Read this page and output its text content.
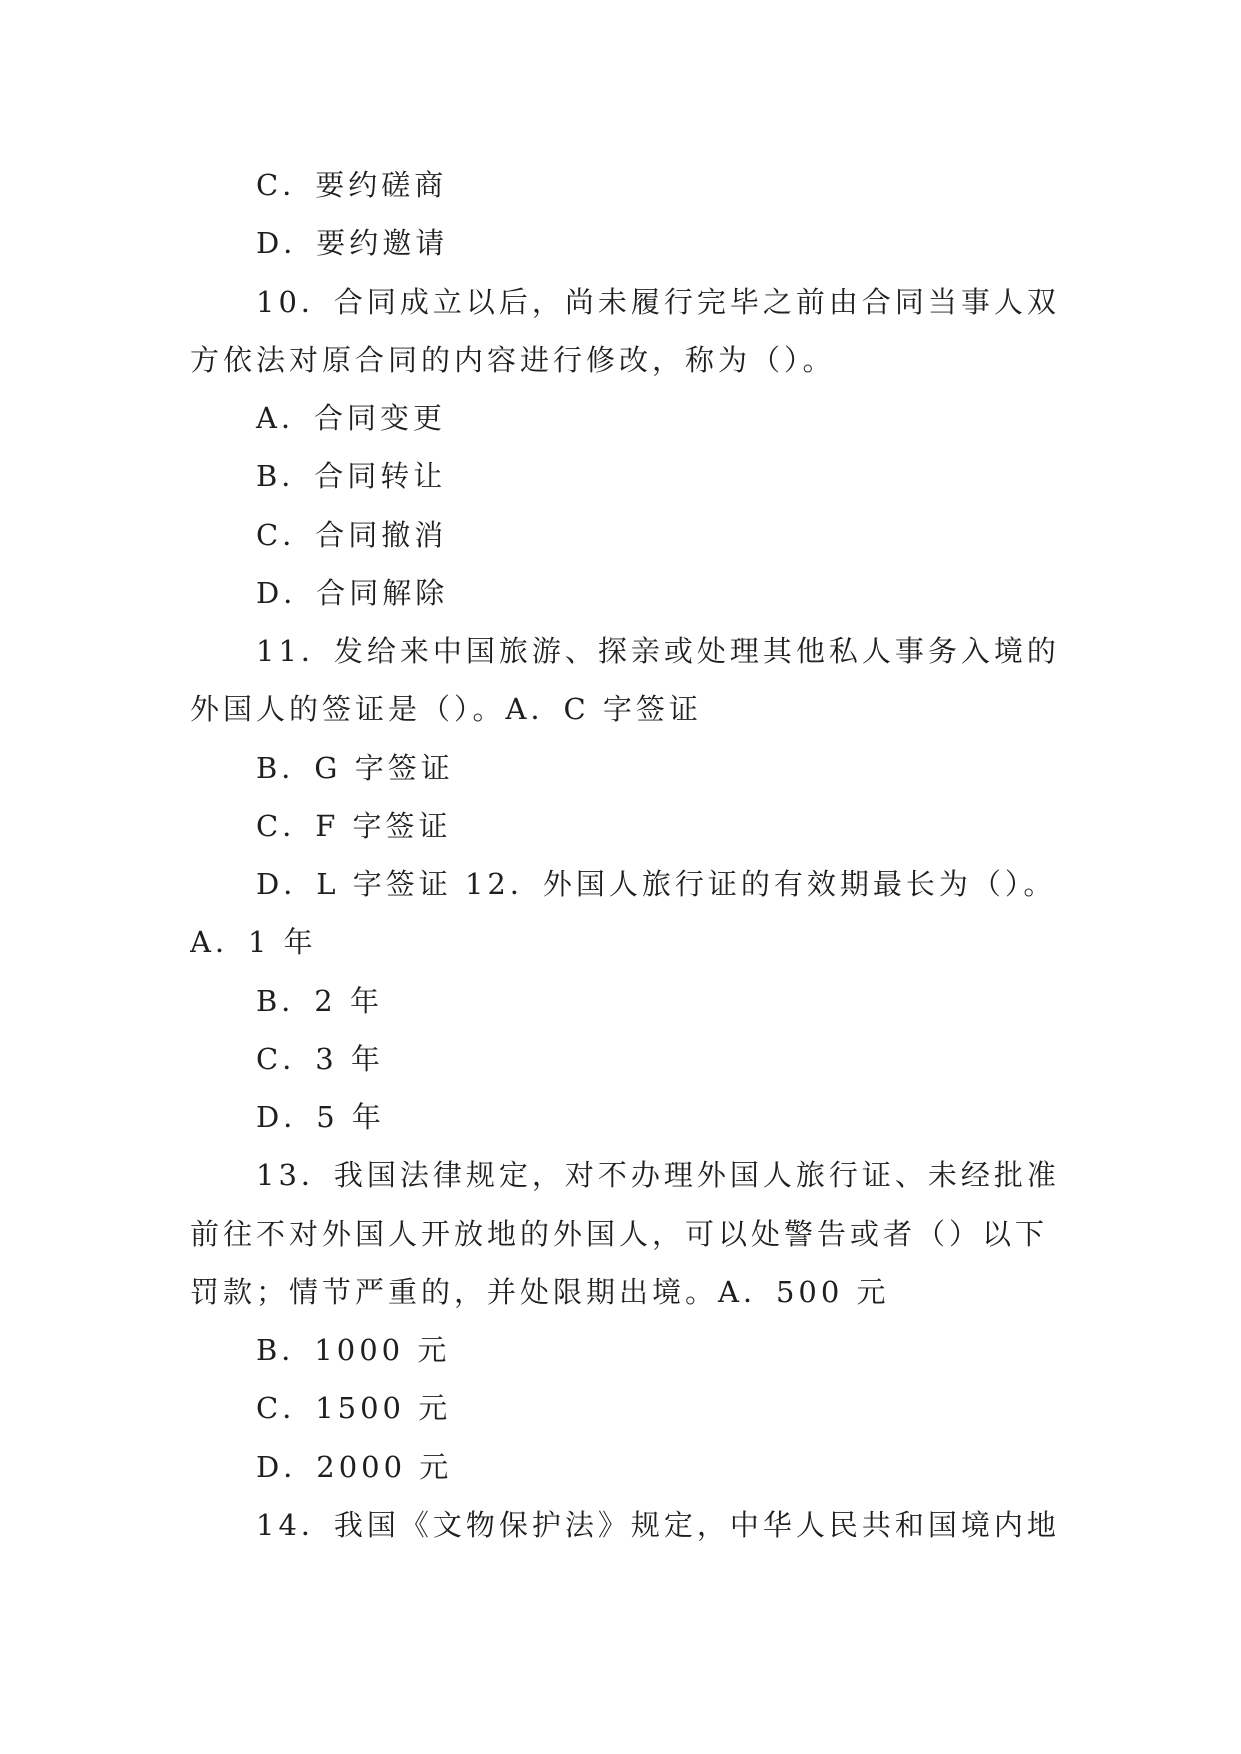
C．要约磋商
D．要约邀请
10．合同成立以后，尚未履行完毕之前由合同当事人双
方依法对原合同的内容进行修改，称为（）。
A．合同变更
B．合同转让
C．合同撤消
D．合同解除
11．发给来中国旅游、探亲或处理其他私人事务入境的
外国人的签证是（）。A．C 字签证
B．G 字签证
C．F 字签证
D．L 字签证 12．外国人旅行证的有效期最长为（）。
A．1 年
B．2 年
C．3 年
D．5 年
13．我国法律规定，对不办理外国人旅行证、未经批准
前往不对外国人开放地的外国人，可以处警告或者（）以下
罚款；情节严重的，并处限期出境。A．500 元
B．1000 元
C．1500 元
D．2000 元
14．我国《文物保护法》规定，中华人民共和国境内地
